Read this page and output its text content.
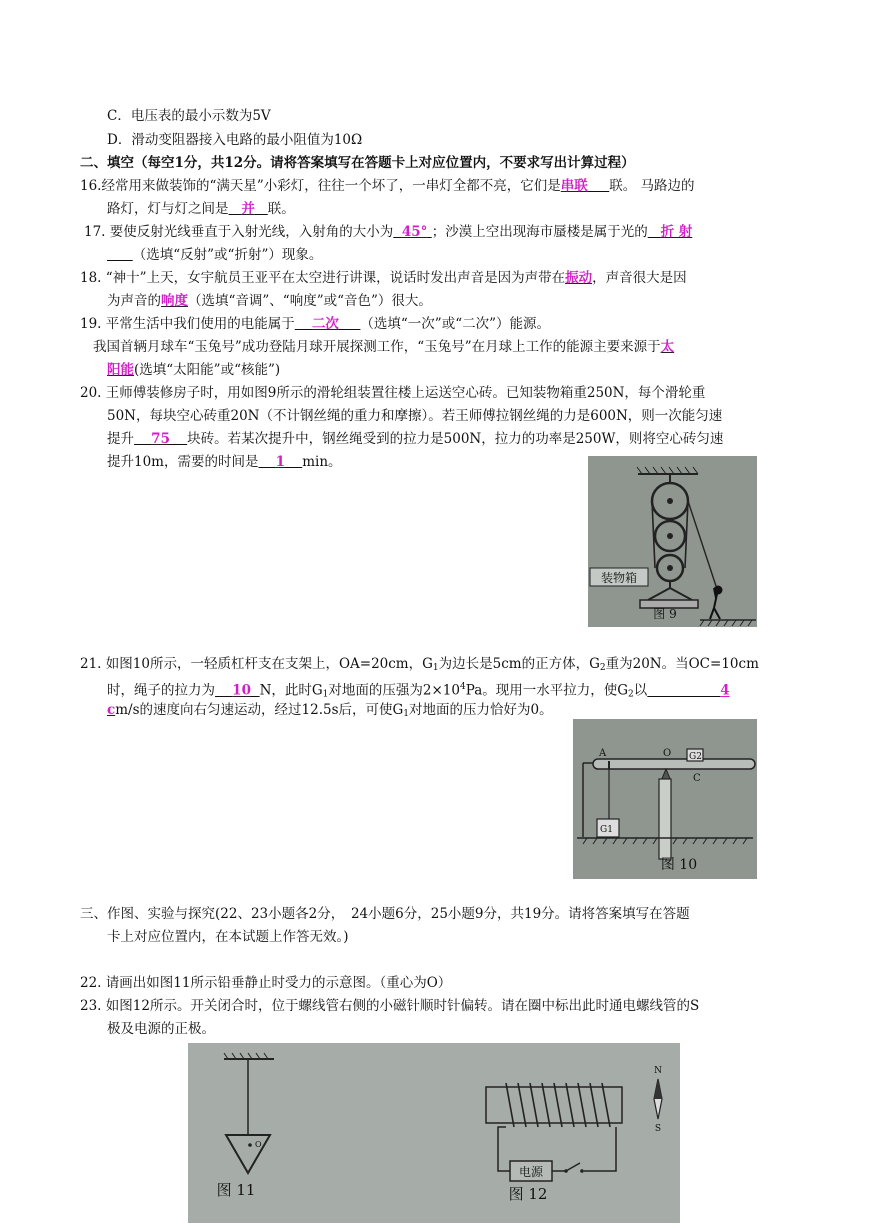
C．电压表的最小示数为5V
D．滑动变阻器接入电路的最小阻值为10Ω
二、填空（每空1分，共12分。请将答案填写在答题卡上对应位置内，不要求写出计算过程）
16.经常用来做装饰的“满天星”小彩灯，往往一个坏了，一串灯全都不亮，它们是串联 联。 马路边的
路灯，灯与灯之间是 并 联。
17. 要使反射光线垂直于入射光线，入射角的大小为 45° ；沙漠上空出现海市蜃楼是属于光的 折 射
（选填“反射”或“折射”）现象。
18. “神十”上天，女宇航员王亚平在太空进行讲课，说话时发出声音是因为声带在振动，声音很大是因
为声音的响度（选填“音调”、“响度”或“音色”）很大。
19. 平常生活中我们使用的电能属于 二次 （选填“一次”或“二次”）能源。
我国首辆月球车“玉兔号”成功登陆月球开展探测工作，“玉兔号”在月球上工作的能源主要来源于太
阳能(选填“太阳能”或“核能”)
20. 王师傅装修房子时，用如图9所示的滑轮组装置往楼上运送空心砖。已知装物箱重250N，每个滑轮重
50N，每块空心砖重20N（不计钢丝绳的重力和摩擦）。若王师傅拉钢丝绳的力是600N，则一次能匀速
提升 75 块砖。若某次提升中，钢丝绳受到的拉力是500N，拉力的功率是250W，则将空心砖匀速
提升10m，需要的时间是 1 min。
装物箱
图 9
21. 如图10所示，一轻质杠杆支在支架上，OA=20cm，$G_1$为边长是5cm的正方体，$G_2$重为20N。当OC=10cm
时，绳子的拉力为 10 N，此时$G_1$对地面的压强为$2\times 10^4Pa$。现用一水平拉力，使$G_2$以	4
cm/s的速度向右匀速运动，经过12.5s后，可使$G_1$对地面的压力恰好为0。
A	O G2
C
G1
图 10
三、作图、实验与探究(22、23小题各2分，　24小题6分，25小题9分，共19分。请将答案填写在答题
卡上对应位置内，在本试题上作答无效。)
22. 请画出如图11所示铅垂静止时受力的示意图。（重心为O）
23. 如图12所示。开关闭合时，位于螺线管右侧的小磁针顺时针偏转。请在圈中标出此时通电螺线管的S
极及电源的正极。
O
图 11
电源
图 12
N
S
